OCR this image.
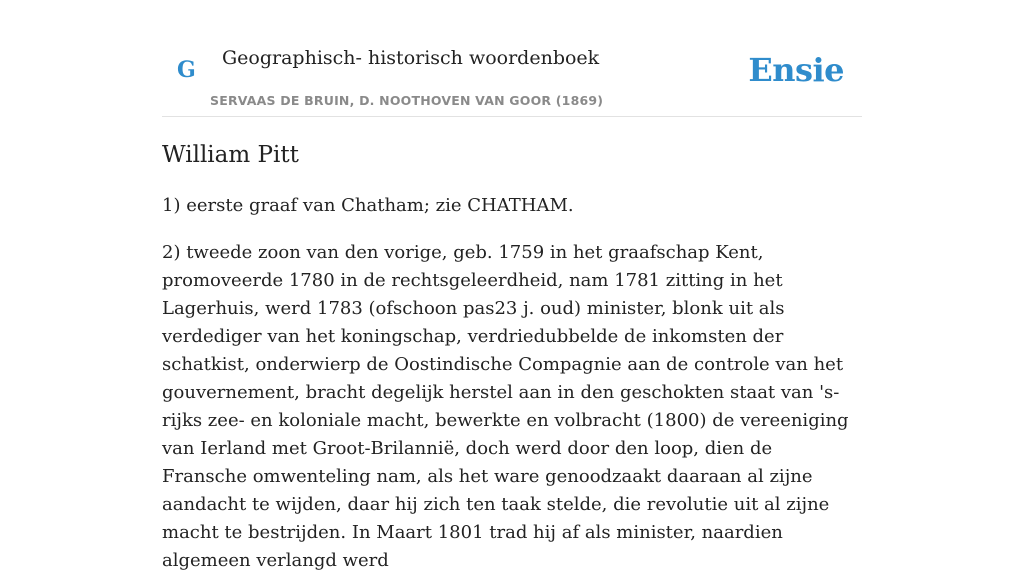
G Geographisch- historisch woordenboek
SERVAAS DE BRUIN, D. NOOTHOVEN VAN GOOR (1869)
Ensie
William Pitt

1) eerste graaf van Chatham; zie CHATHAM.

2) tweede zoon van den vorige, geb. 1759 in het graafschap Kent, promoveerde 1780 in de rechtsgeleerdheid, nam 1781 zitting in het Lagerhuis, werd 1783 (ofschoon pas23 j. oud) minister, blonk uit als verdediger van het koningschap, verdriedubbelde de inkomsten der schatkist, onderwierp de Oostindische Compagnie aan de controle van het gouvernement, bracht degelijk herstel aan in den geschokten staat van 's-rijks zee- en koloniale macht, bewerkte en volbracht (1800) de vereeniging van Ierland met Groot-Brilannië, doch werd door den loop, dien de Fransche omwenteling nam, als het ware genoodzaakt daaraan al zijne aandacht te wijden, daar hij zich ten taak stelde, die revolutie uit al zijne macht te bestrijden. In Maart 1801 trad hij af als minister, naardien algemeen verlangd werd
